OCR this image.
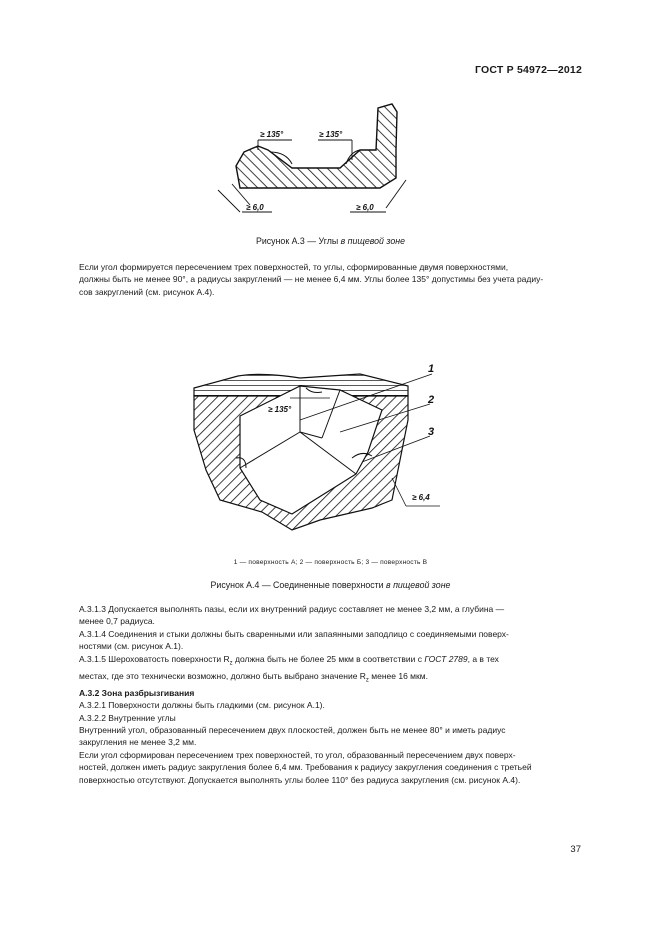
ГОСТ Р 54972—2012
≥ 135°	≥ 135°
≥ 6,0	≥ 6,0
1
2
3
≥ 135°
≥ 6,4
Рисунок А.3 — Углы в пищевой зоне
Если угол формируется пересечением трех поверхностей, то углы, сформированные двумя поверхностями,
должны быть не менее 90°, а радиусы закруглений — не менее 6,4 мм. Углы более 135° допустимы без учета радиу-
сов закруглений (см. рисунок А.4).
1 — поверхность А; 2 — поверхность Б; 3 — поверхность В
Рисунок А.4 — Соединенные поверхности в пищевой зоне
А.3.1.3 Допускается выполнять пазы, если их внутренний радиус составляет не менее 3,2 мм, а глубина —
менее 0,7 радиуса.
А.3.1.4 Соединения и стыки должны быть сваренными или запаянными заподлицо с соединяемыми поверх-
ностями (см. рисунок А.1).
А.3.1.5 Шероховатость поверхности $R_z$ должна быть не более 25 мкм в соответствии с ГОСТ 2789, а в тех
местах, где это технически возможно, должно быть выбрано значение $R_z$ менее 16 мкм.
А.3.2 Зона разбрызгивания
А.3.2.1 Поверхности должны быть гладкими (см. рисунок А.1).
А.3.2.2 Внутренние углы
Внутренний угол, образованный пересечением двух плоскостей, должен быть не менее 80° и иметь радиус
закругления не менее 3,2 мм.
Если угол сформирован пересечением трех поверхностей, то угол, образованный пересечением двух поверх-
ностей, должен иметь радиус закругления более 6,4 мм. Требования к радиусу закругления соединения с третьей
поверхностью отсутствуют. Допускается выполнять углы более 110° без радиуса закругления (см. рисунок А.4).
37
